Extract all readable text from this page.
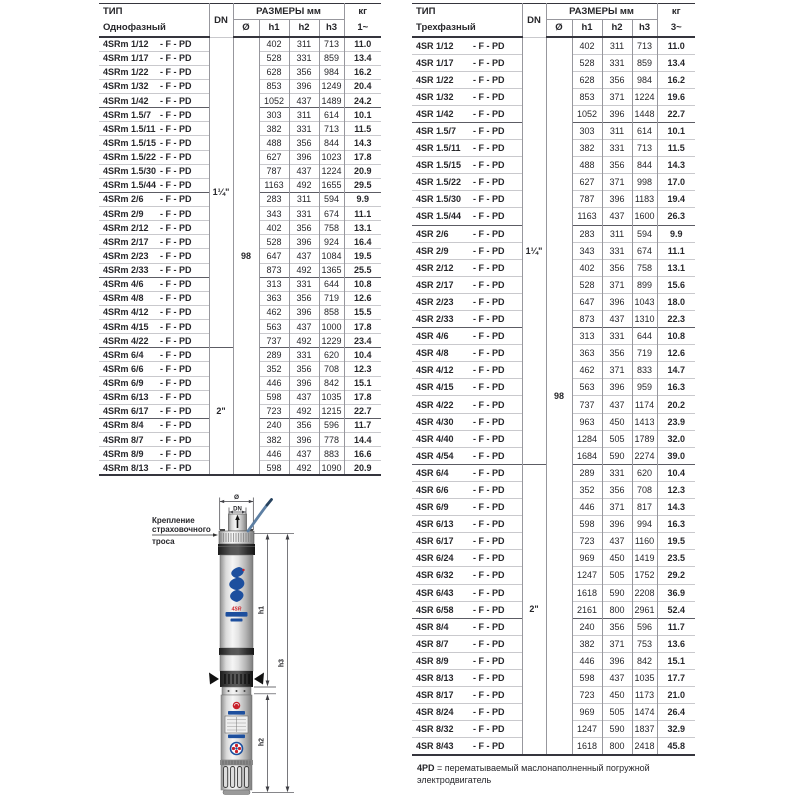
ТИП	DN	РАЗМЕРЫ мм				кг
Однофазный		Ø	h1	h2	h3	1~
4SRm 1/12 - F - PD	1¼"	98	402	311	713	11.0
4SRm 1/17 - F - PD			528	331	859	13.4
4SRm 1/22 - F - PD			628	356	984	16.2
4SRm 1/32 - F - PD			853	396	1249	20.4
4SRm 1/42 - F - PD			1052	437	1489	24.2
4SRm 1.5/7 - F - PD			303	311	614	10.1
4SRm 1.5/11 - F - PD			382	331	713	11.5
4SRm 1.5/15 - F - PD			488	356	844	14.3
4SRm 1.5/22 - F - PD			627	396	1023	17.8
4SRm 1.5/30 - F - PD			787	437	1224	20.9
4SRm 1.5/44 - F - PD			1163	492	1655	29.5
4SRm 2/6 - F - PD			283	311	594	9.9
4SRm 2/9 - F - PD			343	331	674	11.1
4SRm 2/12 - F - PD			402	356	758	13.1
4SRm 2/17 - F - PD			528	396	924	16.4
4SRm 2/23 - F - PD			647	437	1084	19.5
4SRm 2/33 - F - PD			873	492	1365	25.5
4SRm 4/6 - F - PD			313	331	644	10.8
4SRm 4/8 - F - PD			363	356	719	12.6
4SRm 4/12 - F - PD			462	396	858	15.5
4SRm 4/15 - F - PD			563	437	1000	17.8
4SRm 4/22 - F - PD			737	492	1229	23.4
4SRm 6/4 - F - PD	2"		289	331	620	10.4
4SRm 6/6 - F - PD			352	356	708	12.3
4SRm 6/9 - F - PD			446	396	842	15.1
4SRm 6/13 - F - PD			598	437	1035	17.8
4SRm 6/17 - F - PD			723	492	1215	22.7
4SRm 8/4 - F - PD			240	356	596	11.7
4SRm 8/7 - F - PD			382	396	778	14.4
4SRm 8/9 - F - PD			446	437	883	16.6
4SRm 8/13 - F - PD			598	492	1090	20.9
ТИП	DN	РАЗМЕРЫ мм				кг
Трехфазный		Ø	h1	h2	h3	3~
4SR 1/12 - F - PD	1¼"	98	402	311	713	11.0
4SR 1/17 - F - PD			528	331	859	13.4
4SR 1/22 - F - PD			628	356	984	16.2
4SR 1/32 - F - PD			853	371	1224	19.6
4SR 1/42 - F - PD			1052	396	1448	22.7
4SR 1.5/7 - F - PD			303	311	614	10.1
4SR 1.5/11 - F - PD			382	331	713	11.5
4SR 1.5/15 - F - PD			488	356	844	14.3
4SR 1.5/22 - F - PD			627	371	998	17.0
4SR 1.5/30 - F - PD			787	396	1183	19.4
4SR 1.5/44 - F - PD			1163	437	1600	26.3
4SR 2/6 - F - PD			283	311	594	9.9
4SR 2/9 - F - PD			343	331	674	11.1
4SR 2/12 - F - PD			402	356	758	13.1
4SR 2/17 - F - PD			528	371	899	15.6
4SR 2/23 - F - PD			647	396	1043	18.0
4SR 2/33 - F - PD			873	437	1310	22.3
4SR 4/6 - F - PD			313	331	644	10.8
4SR 4/8 - F - PD			363	356	719	12.6
4SR 4/12 - F - PD			462	371	833	14.7
4SR 4/15 - F - PD			563	396	959	16.3
4SR 4/22 - F - PD			737	437	1174	20.2
4SR 4/30 - F - PD			963	450	1413	23.9
4SR 4/40 - F - PD			1284	505	1789	32.0
4SR 4/54 - F - PD			1684	590	2274	39.0
4SR 6/4 - F - PD	2"		289	331	620	10.4
4SR 6/6 - F - PD			352	356	708	12.3
4SR 6/9 - F - PD			446	371	817	14.3
4SR 6/13 - F - PD			598	396	994	16.3
4SR 6/17 - F - PD			723	437	1160	19.5
4SR 6/24 - F - PD			969	450	1419	23.5
4SR 6/32 - F - PD			1247	505	1752	29.2
4SR 6/43 - F - PD			1618	590	2208	36.9
4SR 6/58 - F - PD			2161	800	2961	52.4
4SR 8/4 - F - PD			240	356	596	11.7
4SR 8/7 - F - PD			382	371	753	13.6
4SR 8/9 - F - PD			446	396	842	15.1
4SR 8/13 - F - PD			598	437	1035	17.7
4SR 8/17 - F - PD			723	450	1173	21.0
4SR 8/24 - F - PD			969	505	1474	26.4
4SR 8/32 - F - PD			1247	590	1837	32.9
4SR 8/43 - F - PD			1618	800	2418	45.8
Крепление
страховочного
троса
Ø
DN
4SR h1
h2
h3
4PD = перематываемый маслонаполненный погружной электродвигатель
